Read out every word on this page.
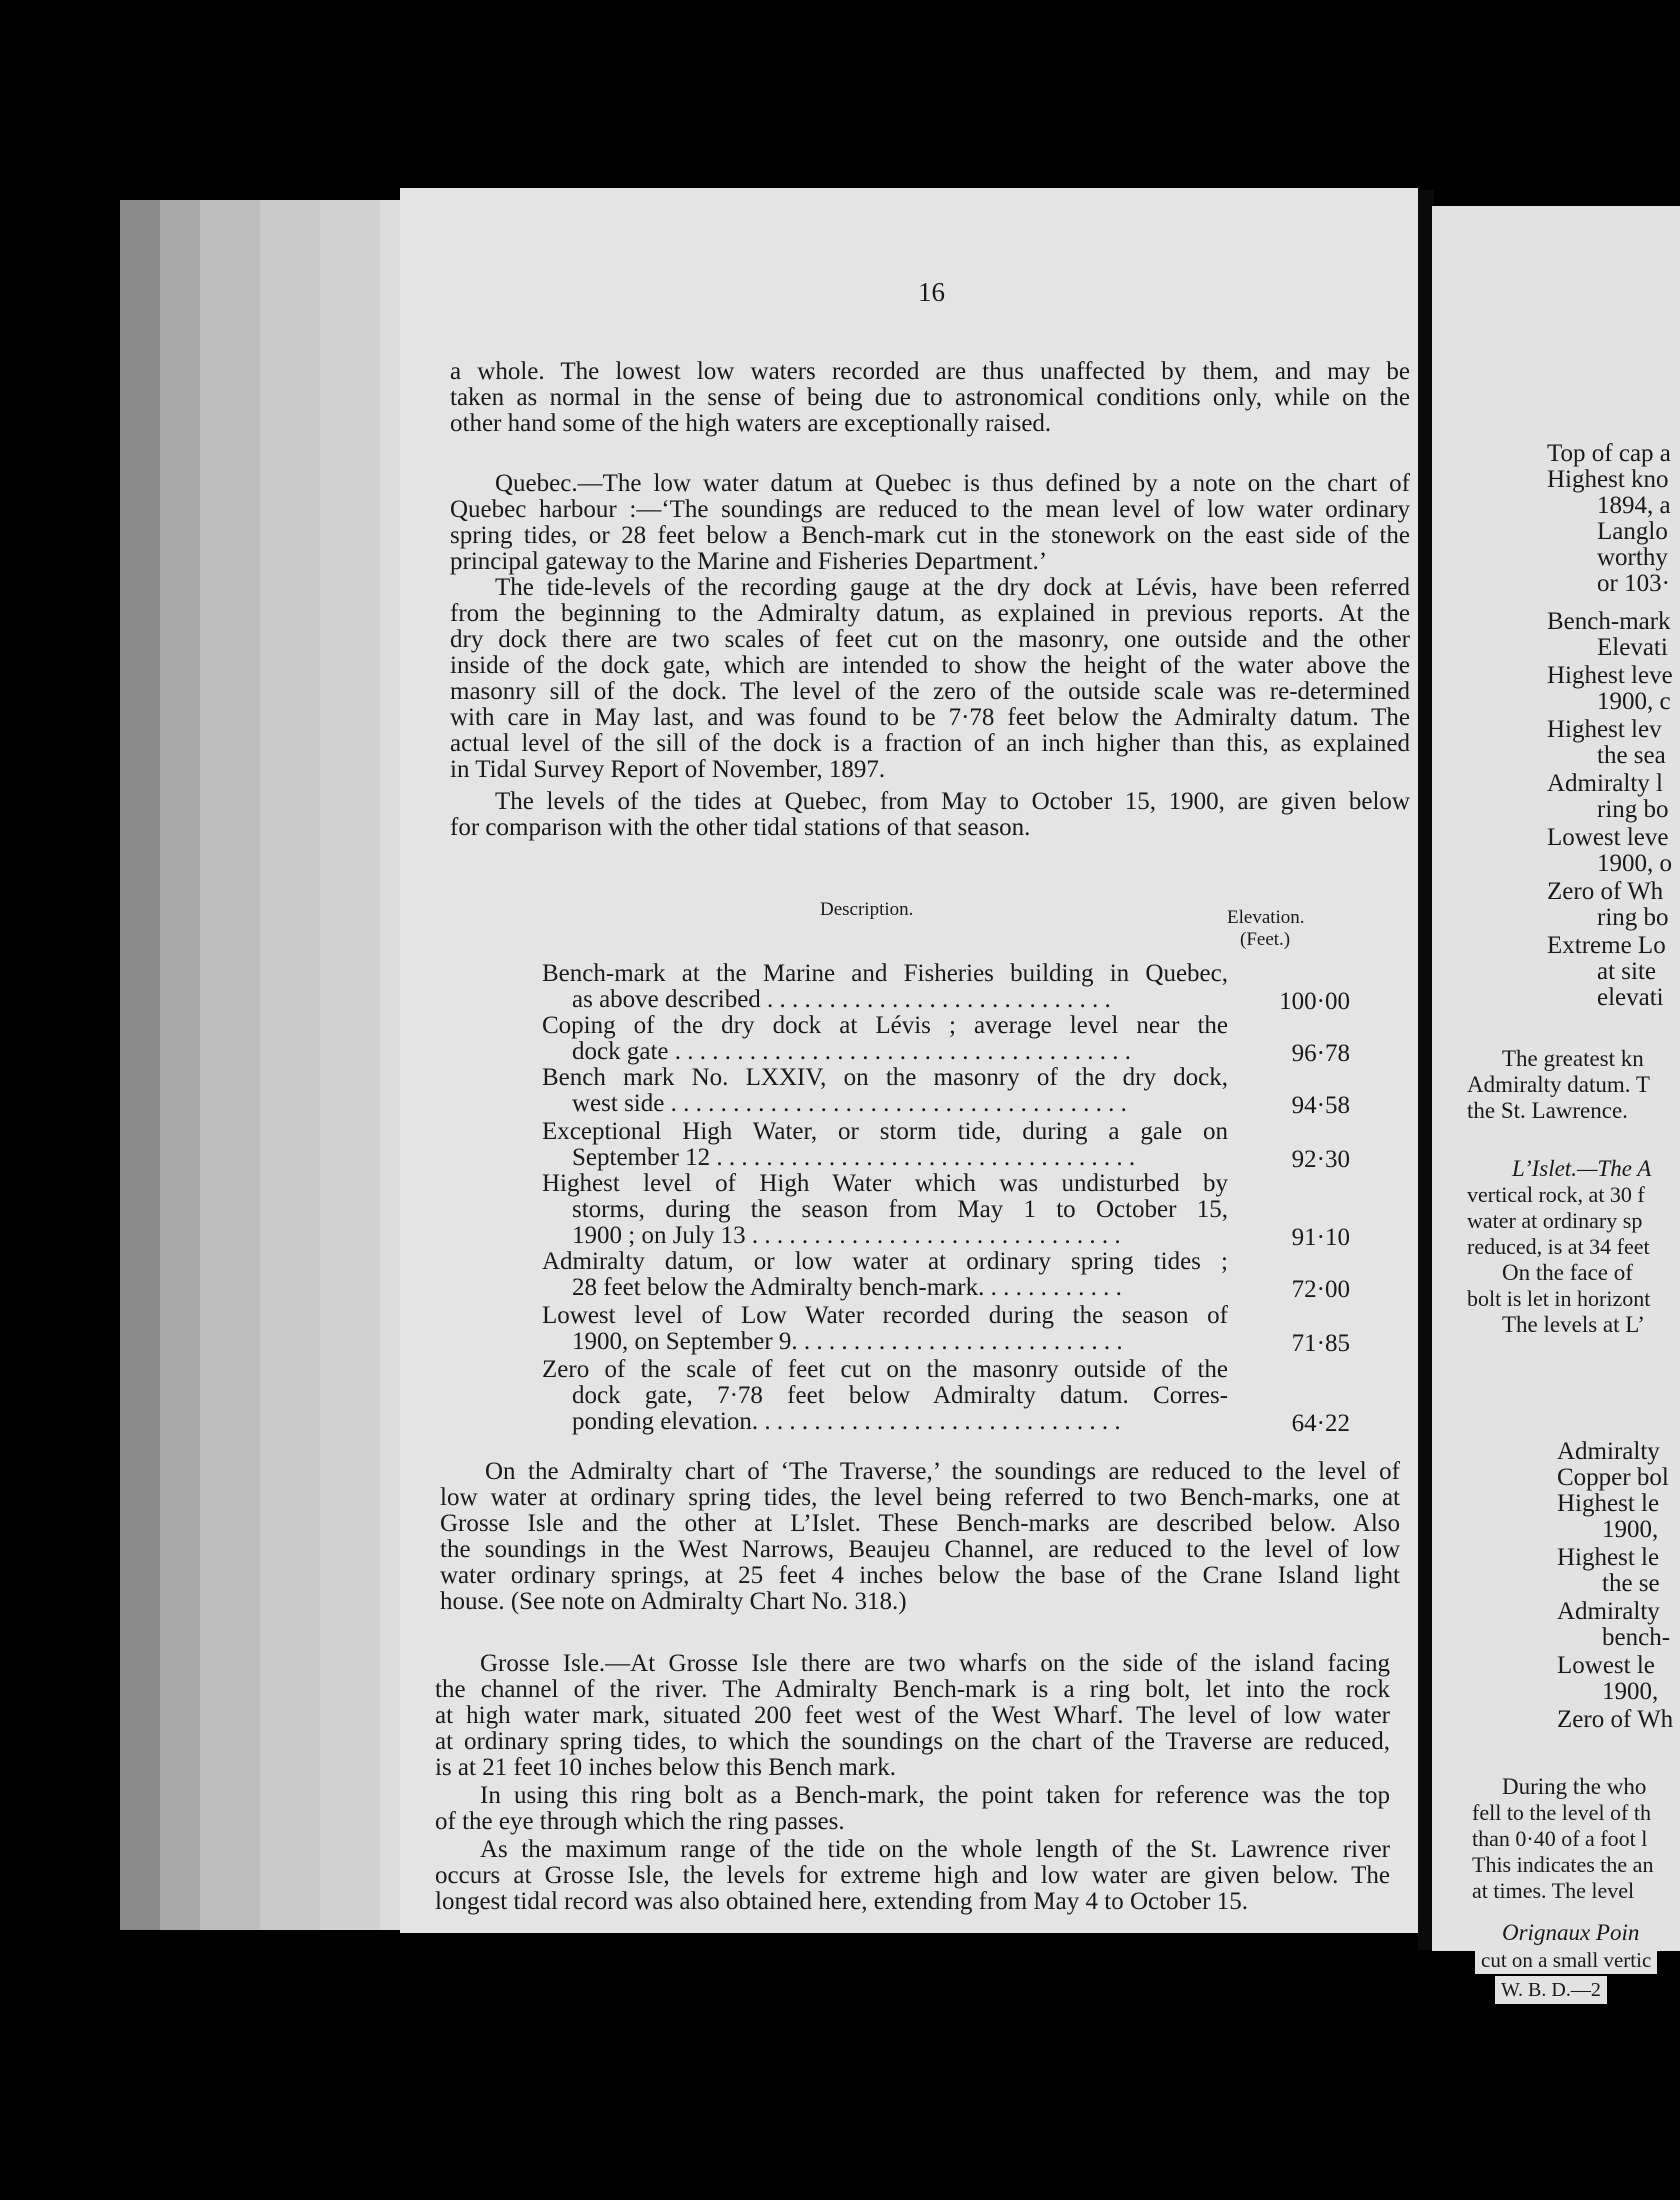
16
a whole. The lowest low waters recorded are thus unaffected by them, and may be
taken as normal in the sense of being due to astronomical conditions only, while on the
other hand some of the high waters are exceptionally raised.
Quebec.—The low water datum at Quebec is thus defined by a note on the chart of
Quebec harbour :—‘The soundings are reduced to the mean level of low water ordinary
spring tides, or 28 feet below a Bench-mark cut in the stonework on the east side of the
principal gateway to the Marine and Fisheries Department.’
The tide-levels of the recording gauge at the dry dock at Lévis, have been referred
from the beginning to the Admiralty datum, as explained in previous reports. At the
dry dock there are two scales of feet cut on the masonry, one outside and the other
inside of the dock gate, which are intended to show the height of the water above the
masonry sill of the dock. The level of the zero of the outside scale was re-determined
with care in May last, and was found to be 7·78 feet below the Admiralty datum. The
actual level of the sill of the dock is a fraction of an inch higher than this, as explained
in Tidal Survey Report of November, 1897.
The levels of the tides at Quebec, from May to October 15, 1900, are given below
for comparison with the other tidal stations of that season.
Description.	Elevation.
(Feet.)
Bench-mark at the Marine and Fisheries building in Quebec,
as above described . . . . . . . . . . . . . . . . . . . . . . . . . . . .	100·00
Coping of the dry dock at Lévis ; average level near the
dock gate . . . . . . . . . . . . . . . . . . . . . . . . . . . . . . . . . . . . .	96·78
Bench mark No. LXXIV, on the masonry of the dry dock,
west side . . . . . . . . . . . . . . . . . . . . . . . . . . . . . . . . . . . . .	94·58
Exceptional High Water, or storm tide, during a gale on
September 12 . . . . . . . . . . . . . . . . . . . . . . . . . . . . . . . . . .	92·30
Highest level of High Water which was undisturbed by
storms, during the season from May 1 to October 15,
1900 ; on July 13 . . . . . . . . . . . . . . . . . . . . . . . . . . . . . .	91·10
Admiralty datum, or low water at ordinary spring tides ;
28 feet below the Admiralty bench-mark. . . . . . . . . . . .	72·00
Lowest level of Low Water recorded during the season of
1900, on September 9. . . . . . . . . . . . . . . . . . . . . . . . . . .	71·85
Zero of the scale of feet cut on the masonry outside of the
dock gate, 7·78 feet below Admiralty datum. Corres-
ponding elevation. . . . . . . . . . . . . . . . . . . . . . . . . . . . . .	64·22
On the Admiralty chart of ‘The Traverse,’ the soundings are reduced to the level of
low water at ordinary spring tides, the level being referred to two Bench-marks, one at
Grosse Isle and the other at L’Islet. These Bench-marks are described below. Also
the soundings in the West Narrows, Beaujeu Channel, are reduced to the level of low
water ordinary springs, at 25 feet 4 inches below the base of the Crane Island light
house. (See note on Admiralty Chart No. 318.)
Grosse Isle.—At Grosse Isle there are two wharfs on the side of the island facing
the channel of the river. The Admiralty Bench-mark is a ring bolt, let into the rock
at high water mark, situated 200 feet west of the West Wharf. The level of low water
at ordinary spring tides, to which the soundings on the chart of the Traverse are reduced,
is at 21 feet 10 inches below this Bench mark.
In using this ring bolt as a Bench-mark, the point taken for reference was the top
of the eye through which the ring passes.
As the maximum range of the tide on the whole length of the St. Lawrence river
occurs at Grosse Isle, the levels for extreme high and low water are given below. The
longest tidal record was also obtained here, extending from May 4 to October 15.
Top of cap a
Highest kno
1894, a
Langlo
worthy
or 103·
Bench-mark
Elevati
Highest leve
1900, c
Highest lev
the sea
Admiralty l
ring bo
Lowest leve
1900, o
Zero of Wh
ring bo
Extreme Lo
at site
elevati
The greatest kn
Admiralty datum. T
the St. Lawrence.
L’Islet.—The A
vertical rock, at 30 f
water at ordinary sp
reduced, is at 34 feet
On the face of
bolt is let in horizont
The levels at L’
Admiralty
Copper bol
Highest le
1900,
Highest le
the se
Admiralty
bench-
Lowest le
1900,
Zero of Wh
During the who
fell to the level of th
than 0·40 of a foot l
This indicates the an
at times. The level
Orignaux Poin
cut on a small vertic
W. B. D.—2
